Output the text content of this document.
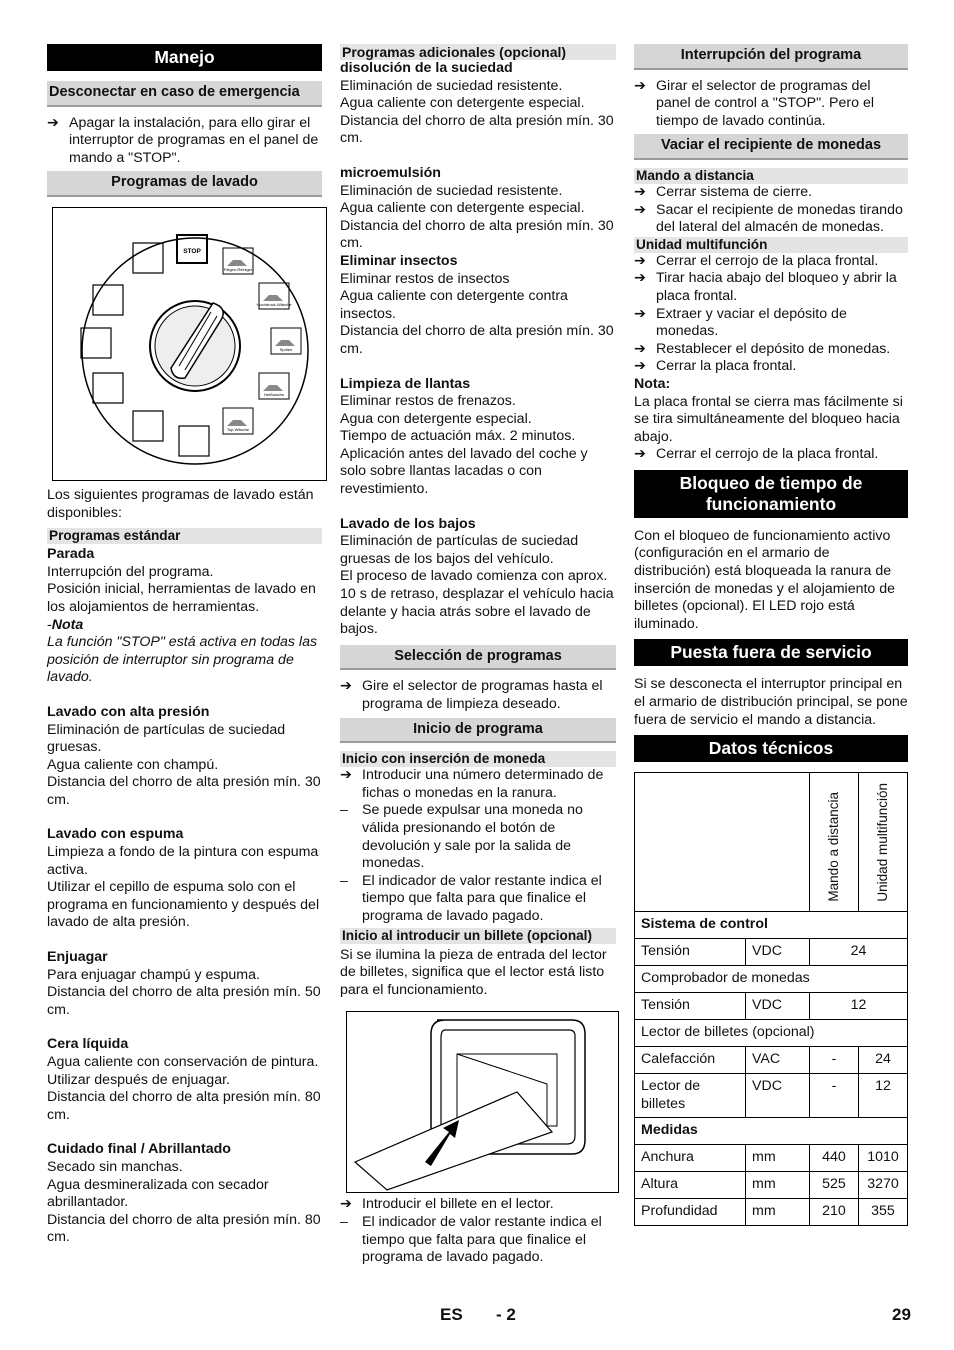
Manejo
Desconectar en caso de emergencia
➔ Apagar la instalación, para ello girar el interruptor de programas en el panel de mando a "STOP".
Programas de lavado
STOP
Felgen-Reiniger
Hochdruck-Wäsche
Spülen
Heißwachs
Top-Wäsche

Los siguientes programas de lavado están disponibles:

Programas estándar

Parada

Interrupción del programa.

Posición inicial, herramientas de lavado en los alojamientos de herramientas.

-Nota

La función "STOP" está activa en todas las posición de interruptor sin programa de lavado.

Lavado con alta presión

Eliminación de partículas de suciedad gruesas.

Agua caliente con champú.

Distancia del chorro de alta presión mín. 30 cm.

Lavado con espuma

Limpieza a fondo de la pintura con espuma activa.

Utilizar el cepillo de espuma solo con el programa en funcionamiento y después del lavado de alta presión.

Enjuagar

Para enjuagar champú y espuma.

Distancia del chorro de alta presión mín. 50 cm.

Cera líquida

Agua caliente con conservación de pintura.

Utilizar después de enjuagar.

Distancia del chorro de alta presión mín. 80 cm.

Cuidado final / Abrillantado

Secado sin manchas.

Agua desmineralizada con secador abrillantador.

Distancia del chorro de alta presión mín. 80 cm.

Programas adicionales (opcional)

disolución de la suciedad

Eliminación de suciedad resistente.

Agua caliente con detergente especial.

Distancia del chorro de alta presión mín. 30 cm.

microemulsión

Eliminación de suciedad resistente.

Agua caliente con detergente especial.

Distancia del chorro de alta presión mín. 30 cm.

Eliminar insectos

Eliminar restos de insectos

Agua caliente con detergente contra insectos.

Distancia del chorro de alta presión mín. 30 cm.

Limpieza de llantas

Eliminar restos de frenazos.

Agua con detergente especial.

Tiempo de actuación máx. 2 minutos.

Aplicación antes del lavado del coche y solo sobre llantas lacadas o con revestimiento.

Lavado de los bajos

Eliminación de partículas de suciedad gruesas de los bajos del vehículo.

El proceso de lavado comienza con aprox. 10 s de retraso, desplazar el vehículo hacia delante y hacia atrás sobre el lavado de bajos.

Selección de programas
➔ Gire el selector de programas hasta el programa de limpieza deseado.
Inicio de programa
Inicio con inserción de moneda
➔ Introducir una número determinado de fichas o monedas en la ranura.
– Se puede expulsar una moneda no válida presionando el botón de devolución y sale por la salida de monedas.
– El indicador de valor restante indica el tiempo que falta para que finalice el programa de lavado pagado.
Inicio al introducir un billete (opcional)

Si se ilumina la pieza de entrada del lector de billetes, significa que el lector está listo para el funcionamiento.

➔ Introducir el billete en el lector.
– El indicador de valor restante indica el tiempo que falta para que finalice el programa de lavado pagado.
Interrupción del programa
➔ Girar el selector de programas del panel de control a "STOP". Pero el tiempo de lavado continúa.
Vaciar el recipiente de monedas
Mando a distancia
➔ Cerrar sistema de cierre.
➔ Sacar el recipiente de monedas tirando del lateral del almacén de monedas.
Unidad multifunción
➔ Cerrar el cerrojo de la placa frontal.
➔ Tirar hacia abajo del bloqueo y abrir la placa frontal.
➔ Extraer y vaciar el depósito de monedas.
➔ Restablecer el depósito de monedas.
➔ Cerrar la placa frontal.

Nota:

La placa frontal se cierra mas fácilmente si se tira simultáneamente del bloqueo hacia abajo.

➔ Cerrar el cerrojo de la placa frontal.
Bloqueo de tiempo de funcionamiento

Con el bloqueo de funcionamiento activo (configuración en el armario de distribución) está bloqueada la ranura de inserción de monedas y el alojamiento de billetes (opcional). El LED rojo está iluminado.

Puesta fuera de servicio

Si se desconecta el interruptor principal en el armario de distribución principal, se pone fuera de servicio el mando a distancia.

Datos técnicos
		Mando a distancia	Unidad multifunción
Sistema de control			
Tensión	VDC	24	
Comprobador de monedas			
Tensión	VDC	12	
Lector de billetes (opcional)			
Calefacción	VAC	-	24
Lector de billetes	VDC	-	12
Medidas			
Anchura	mm	440	1010
Altura	mm	525	3270
Profundidad	mm	210	355
ES - 2	29
